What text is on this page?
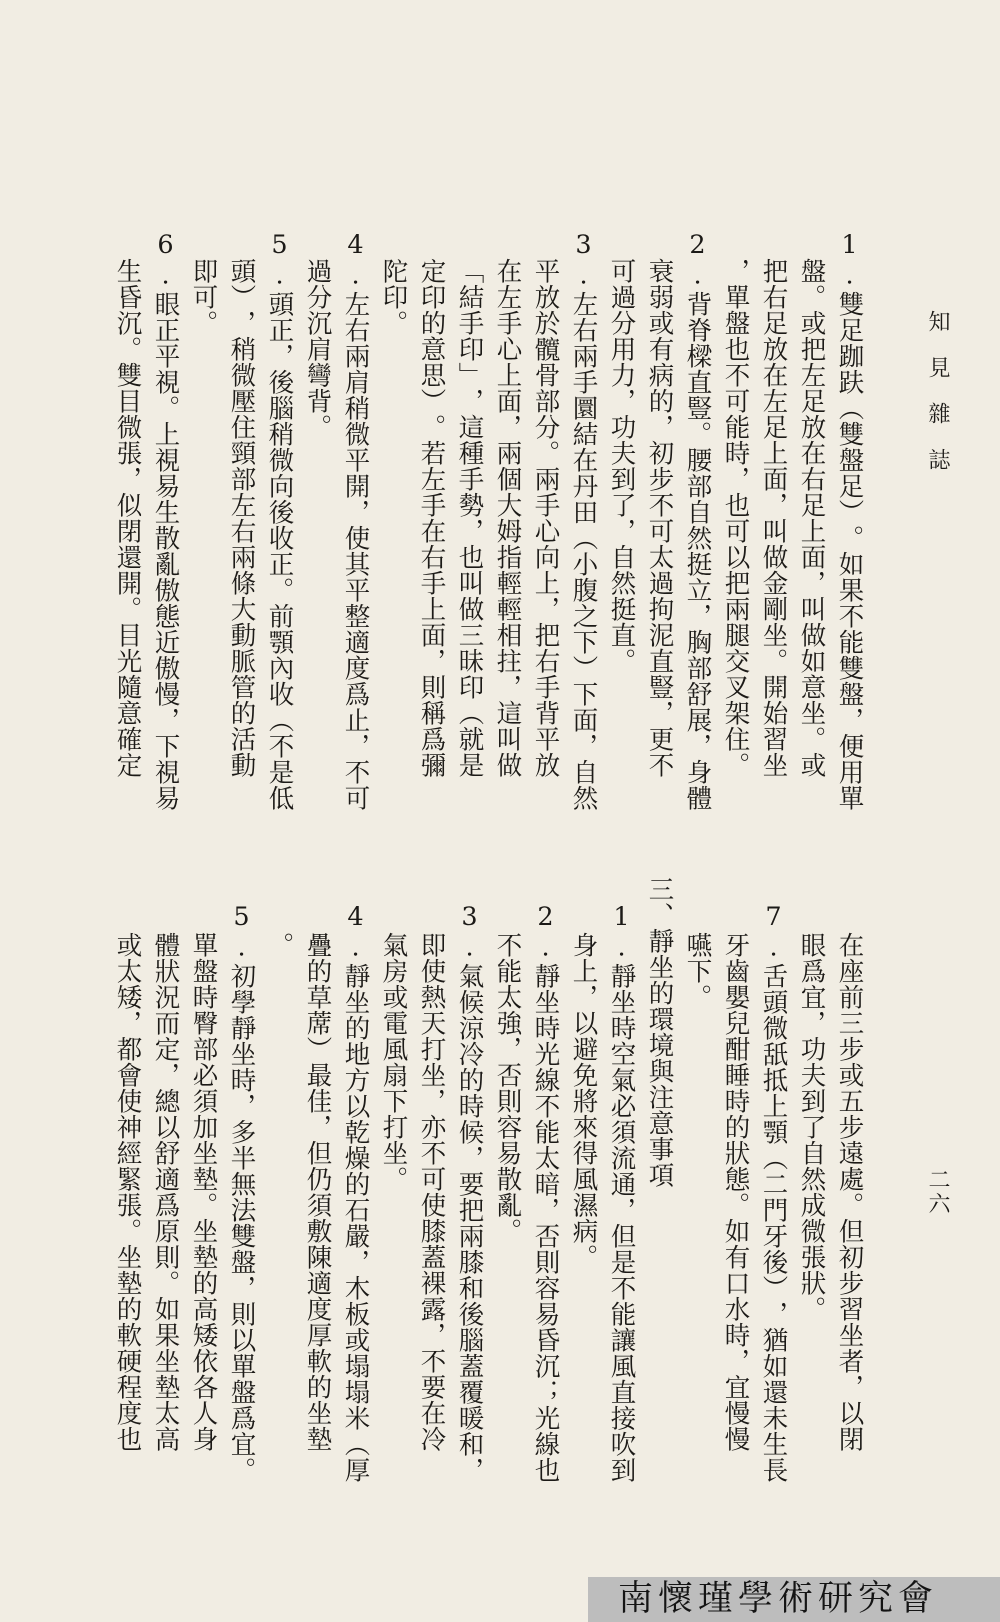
知見雜誌
二六
1.雙足跏趺︵雙盤足︶。如果不能雙盤，便用單
盤。或把左足放在右足上面，叫做如意坐。或
把右足放在左足上面，叫做金剛坐。開始習坐
，單盤也不可能時，也可以把兩腿交叉架住。
2.背脊樑直豎。腰部自然挺立，胸部舒展，身體
衰弱或有病的，初步不可太過拘泥直豎，更不
可過分用力，功夫到了，自然挺直。
3.左右兩手圜結在丹田︵小腹之下︶下面，自然
平放於髖骨部分。兩手心向上，把右手背平放
在左手心上面，兩個大姆指輕輕相拄，這叫做
﹁結手印﹂，這種手勢，也叫做三昧印︵就是
定印的意思︶。若左手在右手上面，則稱爲彌
陀印。
4.左右兩肩稍微平開，使其平整適度爲止，不可
過分沉肩彎背。
5.頭正，後腦稍微向後收正。前顎內收︵不是低
頭︶，稍微壓住頸部左右兩條大動脈管的活動
即可。
6.眼正平視。上視易生散亂傲態近傲慢，下視易
生昏沉。雙目微張，似閉還開。目光隨意確定
在座前三步或五步遠處。但初步習坐者，以閉
眼爲宜，功夫到了自然成微張狀。
7.舌頭微舐抵上顎︵二門牙後︶，猶如還未生長
牙齒嬰兒酣睡時的狀態。如有口水時，宜慢慢
嚥下。
三、靜坐的環境與注意事項
1.靜坐時空氣必須流通，但是不能讓風直接吹到
身上，以避免將來得風濕病。
2.靜坐時光線不能太暗，否則容易昏沉；光線也
不能太強，否則容易散亂。
3.氣候涼冷的時候，要把兩膝和後腦蓋覆暖和，
即使熱天打坐，亦不可使膝蓋裸露，不要在冷
氣房或電風扇下打坐。
4.靜坐的地方以乾燥的石嚴，木板或塌塌米︵厚
疊的草蓆︶最佳，但仍須敷陳適度厚軟的坐墊
。
5.初學靜坐時，多半無法雙盤，則以單盤爲宜。
單盤時臀部必須加坐墊。坐墊的高矮依各人身
體狀況而定，總以舒適爲原則。如果坐墊太高
或太矮，都會使神經緊張。坐墊的軟硬程度也
南懷瑾學術研究會
